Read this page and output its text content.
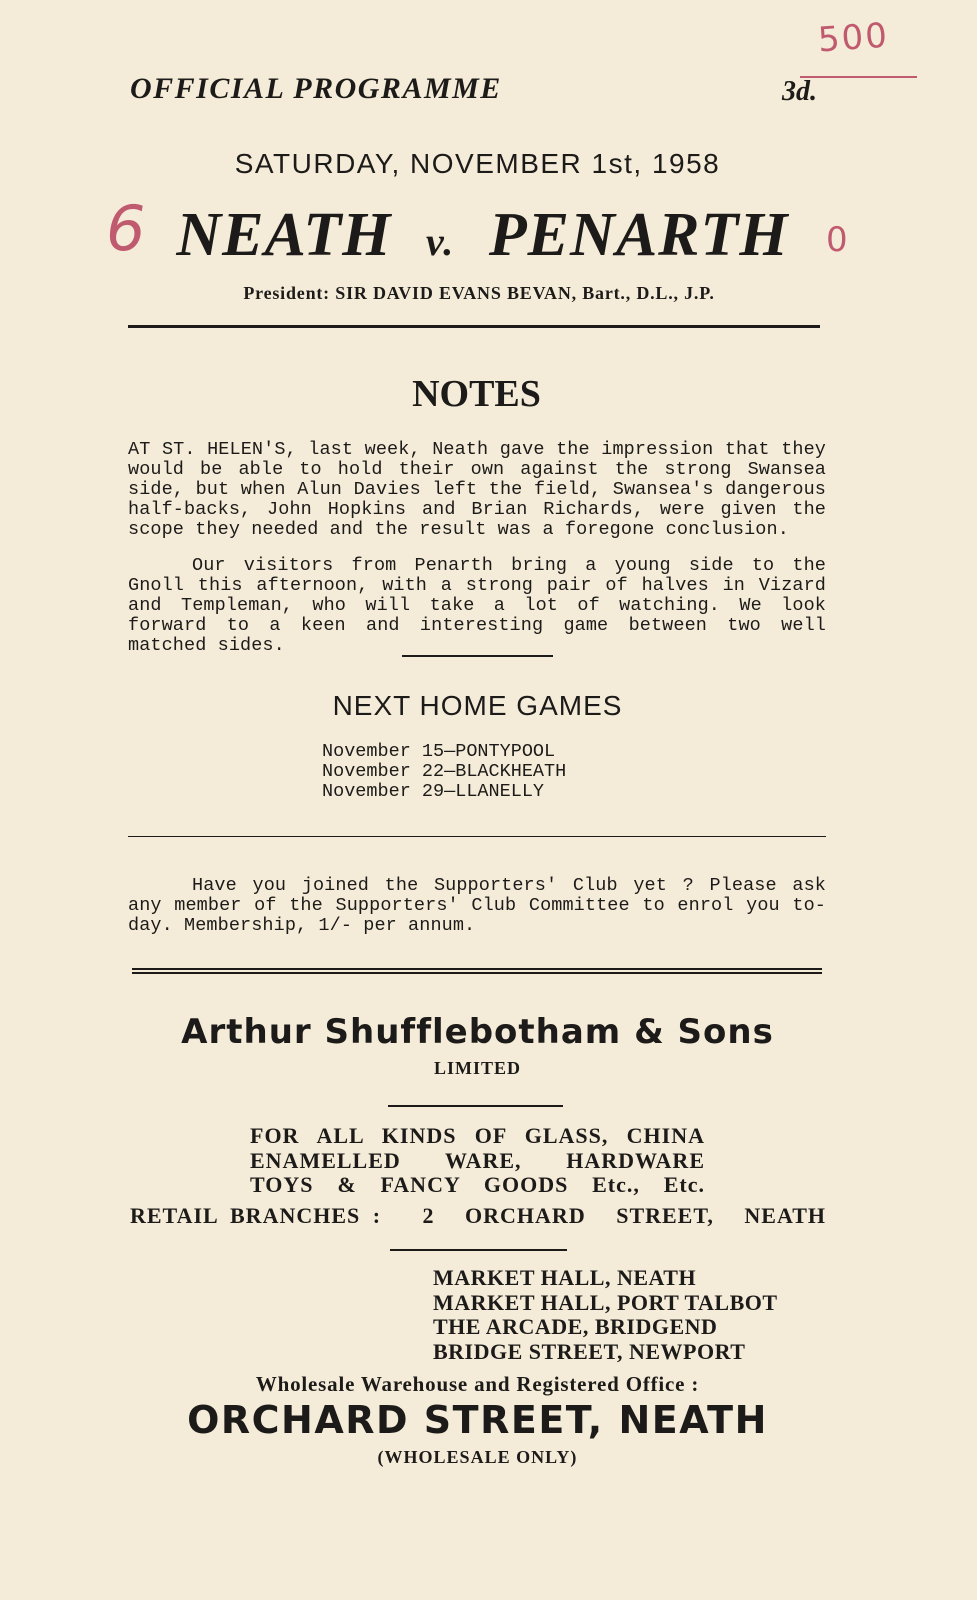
500
6	0
OFFICIAL PROGRAMME	3d.
SATURDAY, NOVEMBER 1st, 1958
NEATH v. PENARTH
President: SIR DAVID EVANS BEVAN, Bart., D.L., J.P.
NOTES
AT ST. HELEN'S, last week, Neath gave the impression that they would be able to hold their own against the strong Swansea side, but when Alun Davies left the field, Swansea's dangerous half-backs, John Hopkins and Brian Richards, were given the scope they needed and the result was a foregone conclusion.
Our visitors from Penarth bring a young side to the Gnoll this afternoon, with a strong pair of halves in Vizard and Templeman, who will take a lot of watching. We look forward to a keen and interesting game between two well matched sides.
NEXT HOME GAMES
November 15—PONTYPOOL
November 22—BLACKHEATH
November 29—LLANELLY
Have you joined the Supporters' Club yet ? Please ask any member of the Supporters' Club Committee to enrol you to-day. Membership, 1/- per annum.
Arthur Shufflebotham & Sons
LIMITED
FOR ALL KINDS OF GLASS, CHINA
ENAMELLED WARE, HARDWARE
TOYS & FANCY GOODS Etc., Etc.
RETAIL BRANCHES : 2 ORCHARD STREET, NEATH
MARKET HALL, NEATH
MARKET HALL, PORT TALBOT
THE ARCADE, BRIDGEND
BRIDGE STREET, NEWPORT
Wholesale Warehouse and Registered Office :
ORCHARD STREET, NEATH
(WHOLESALE ONLY)
